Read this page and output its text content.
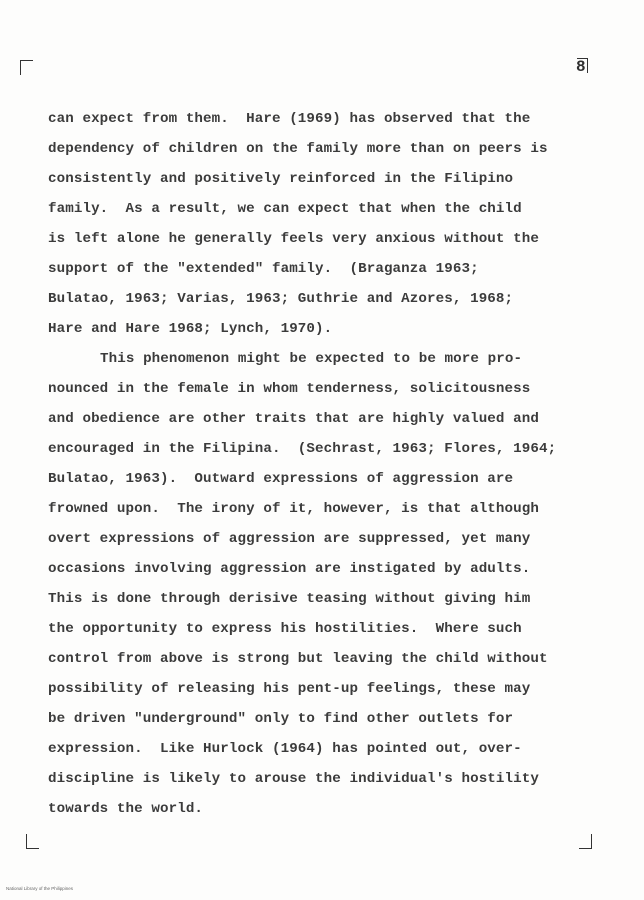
8
can expect from them.  Hare (1969) has observed that the
dependency of children on the family more than on peers is
consistently and positively reinforced in the Filipino
family.  As a result, we can expect that when the child
is left alone he generally feels very anxious without the
support of the "extended" family.  (Braganza 1963;
Bulatao, 1963; Varias, 1963; Guthrie and Azores, 1968;
Hare and Hare 1968; Lynch, 1970).
This phenomenon might be expected to be more pro-
nounced in the female in whom tenderness, solicitousness
and obedience are other traits that are highly valued and
encouraged in the Filipina.  (Sechrast, 1963; Flores, 1964;
Bulatao, 1963).  Outward expressions of aggression are
frowned upon.  The irony of it, however, is that although
overt expressions of aggression are suppressed, yet many
occasions involving aggression are instigated by adults.
This is done through derisive teasing without giving him
the opportunity to express his hostilities.  Where such
control from above is strong but leaving the child without
possibility of releasing his pent-up feelings, these may
be driven "underground" only to find other outlets for
expression.  Like Hurlock (1964) has pointed out, over-
discipline is likely to arouse the individual's hostility
towards the world.
National Library of the Philippines
